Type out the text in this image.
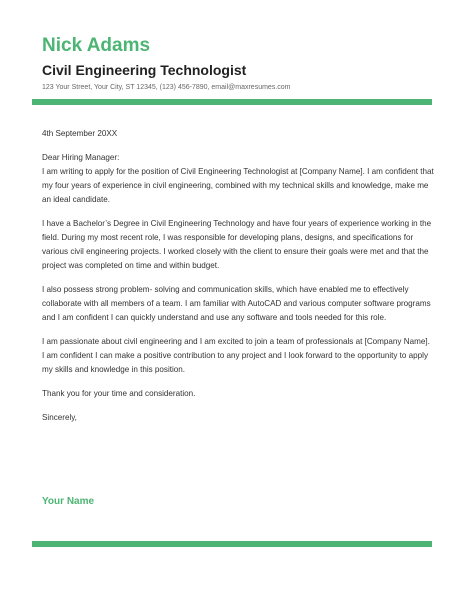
Nick Adams
Civil Engineering Technologist
123 Your Street, Your City, ST 12345, (123) 456-7890, email@maxresumes.com

4th September 20XX

Dear Hiring Manager:

I am writing to apply for the position of Civil Engineering Technologist at [Company Name]. I am confident that my four years of experience in civil engineering, combined with my technical skills and knowledge, make me an ideal candidate.

I have a Bachelor’s Degree in Civil Engineering Technology and have four years of experience working in the field. During my most recent role, I was responsible for developing plans, designs, and specifications for various civil engineering projects. I worked closely with the client to ensure their goals were met and that the project was completed on time and within budget.

I also possess strong problem- solving and communication skills, which have enabled me to effectively collaborate with all members of a team. I am familiar with AutoCAD and various computer software programs and I am confident I can quickly understand and use any software and tools needed for this role.

I am passionate about civil engineering and I am excited to join a team of professionals at [Company Name]. I am confident I can make a positive contribution to any project and I look forward to the opportunity to apply my skills and knowledge in this position.

Thank you for your time and consideration.

Sincerely,

Your Name
